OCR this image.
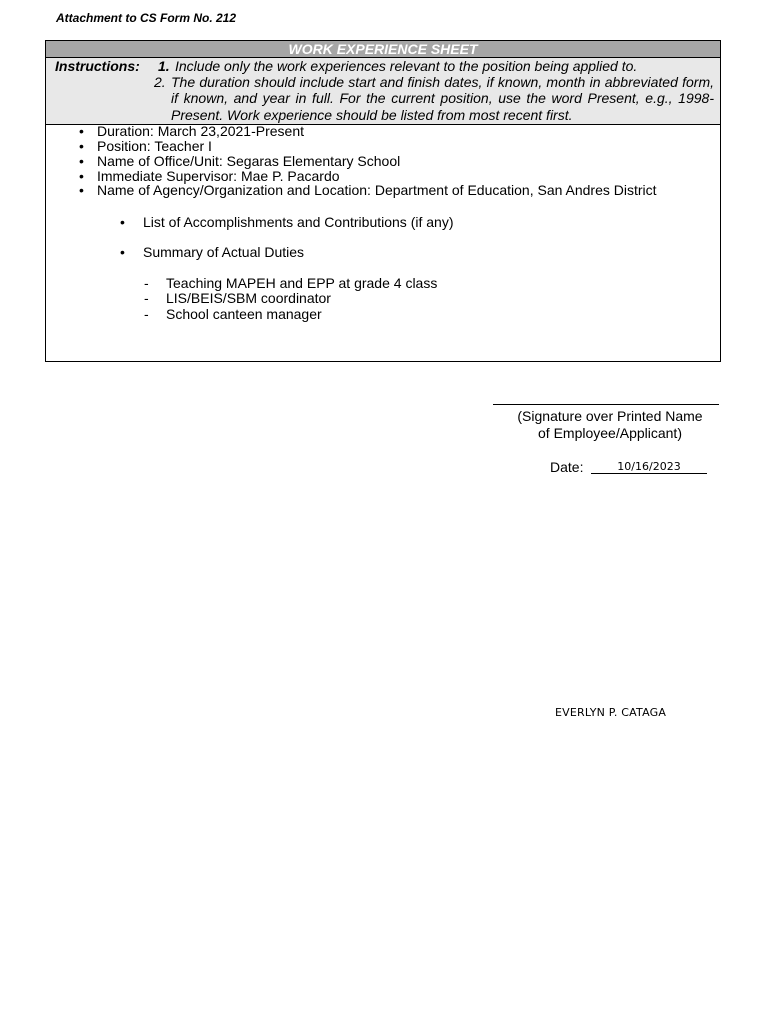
Attachment to CS Form No. 212
WORK EXPERIENCE SHEET
Instructions: 1. Include only the work experiences relevant to the position being applied to.
2. The duration should include start and finish dates, if known, month in abbreviated form, if known, and year in full. For the current position, use the word Present, e.g., 1998-Present. Work experience should be listed from most recent first.
• Duration: March 23,2021-Present
• Position: Teacher I
• Name of Office/Unit: Segaras Elementary School
• Immediate Supervisor: Mae P. Pacardo
• Name of Agency/Organization and Location: Department of Education, San Andres District
• List of Accomplishments and Contributions (if any)
• Summary of Actual Duties
- Teaching MAPEH and EPP at grade 4 class
- LIS/BEIS/SBM coordinator
- School canteen manager
(Signature over Printed Name
of Employee/Applicant)
Date:	10/16/2023
EVERLYN P. CATAGA
